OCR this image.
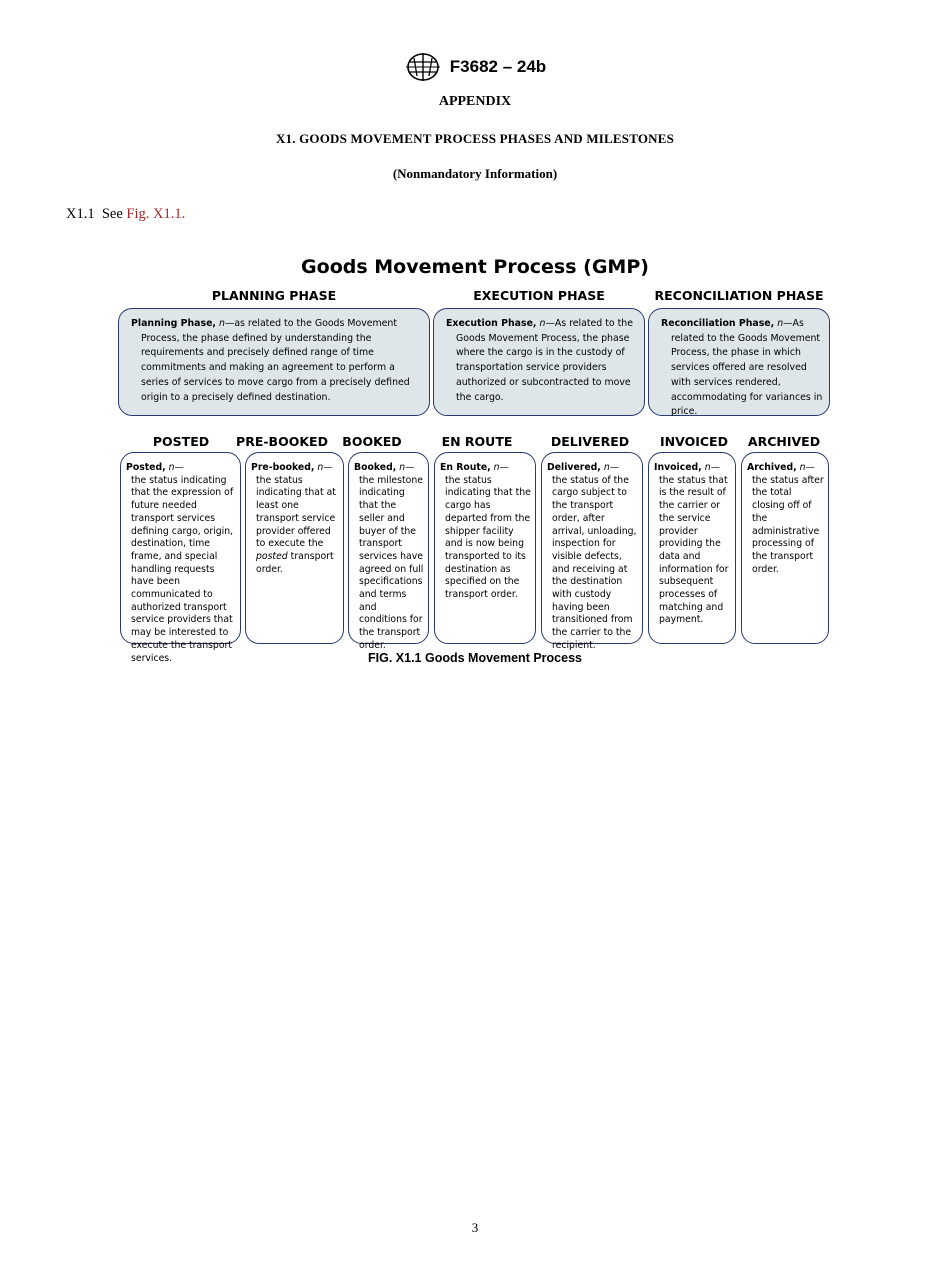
F3682 – 24b
APPENDIX
X1. GOODS MOVEMENT PROCESS PHASES AND MILESTONES
(Nonmandatory Information)
X1.1 See Fig. X1.1.
Goods Movement Process (GMP)
PLANNING PHASE	EXECUTION PHASE	RECONCILIATION PHASE
Planning Phase, n—as related to the Goods Movement Process, the phase defined by understanding the requirements and precisely defined range of time commitments and making an agreement to perform a series of services to move cargo from a precisely defined origin to a precisely defined destination.
Execution Phase, n—As related to the Goods Movement Process, the phase where the cargo is in the custody of transportation service providers authorized or subcontracted to move the cargo.
Reconciliation Phase, n—As related to the Goods Movement Process, the phase in which services offered are resolved with services rendered, accommodating for variances in price.
POSTED	PRE-BOOKED	BOOKED	EN ROUTE	DELIVERED	INVOICED	ARCHIVED
Posted, n—
the status indicating that the expression of future needed transport services defining cargo, origin, destination, time frame, and special handling requests have been communicated to authorized transport service providers that may be interested to execute the transport services.
Pre-booked, n—
the status indicating that at least one transport service provider offered to execute the posted transport order.
Booked, n—
the milestone indicating that the seller and buyer of the transport services have agreed on full specifications and terms and conditions for the transport order.
En Route, n—
the status indicating that the cargo has departed from the shipper facility and is now being transported to its destination as specified on the transport order.
Delivered, n—
the status of the cargo subject to the transport order, after arrival, unloading, inspection for visible defects, and receiving at the destination with custody having been transitioned from the carrier to the recipient.
Invoiced, n—
the status that is the result of the carrier or the service provider providing the data and information for subsequent processes of matching and payment.
Archived, n—
the status after the total closing off of the administrative processing of the transport order.
FIG. X1.1 Goods Movement Process
3
